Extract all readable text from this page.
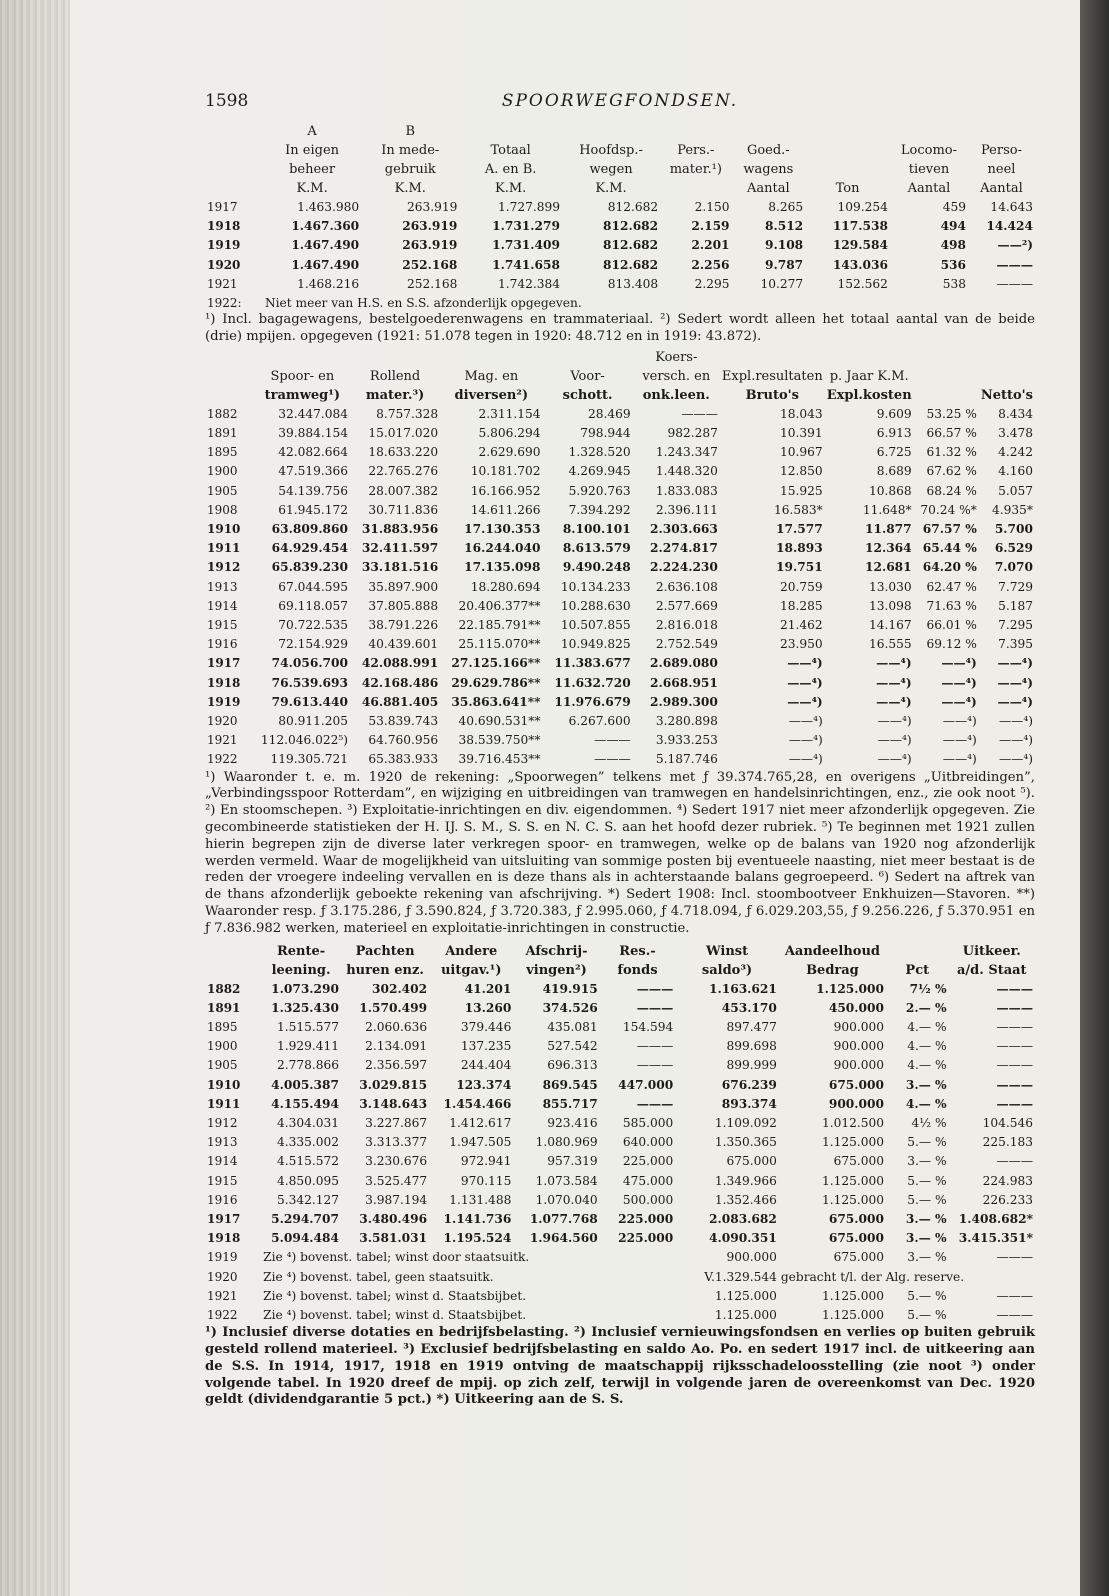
1598	SPOORWEGFONDSEN.
	A	B							
	In eigen	In mede-	Totaal	Hoofdsp.-	Pers.-	Goed.-		Locomo-	Perso-
	beheer	gebruik	A. en B.	wegen	mater.¹)	wagens		tieven	neel
	K.M.	K.M.	K.M.	K.M.		Aantal	Ton	Aantal	Aantal
1917	1.463.980	263.919	1.727.899	812.682	2.150	8.265	109.254	459	14.643
1918	1.467.360	263.919	1.731.279	812.682	2.159	8.512	117.538	494	14.424
1919	1.467.490	263.919	1.731.409	812.682	2.201	9.108	129.584	498	——²)
1920	1.467.490	252.168	1.741.658	812.682	2.256	9.787	143.036	536	———
1921	1.468.216	252.168	1.742.384	813.408	2.295	10.277	152.562	538	———
1922:	Niet meer van H.S. en S.S. afzonderlijk opgegeven.								

¹) Incl. bagagewagens, bestelgoederenwagens en trammateriaal. ²) Sedert wordt alleen het totaal aantal van de beide (drie) mpijen. opgegeven (1921: 51.078 tegen in 1920: 48.712 en in 1919: 43.872).

					Koers-				
	Spoor- en	Rollend	Mag. en	Voor-	versch. en	Expl.resultaten	p. Jaar K.M.		
	tramweg¹)	mater.³)	diversen²)	schott.	onk.leen.	Bruto's	Expl.kosten		Netto's
1882	32.447.084	8.757.328	2.311.154	28.469	———	18.043	9.609	53.25 %	8.434
1891	39.884.154	15.017.020	5.806.294	798.944	982.287	10.391	6.913	66.57 %	3.478
1895	42.082.664	18.633.220	2.629.690	1.328.520	1.243.347	10.967	6.725	61.32 %	4.242
1900	47.519.366	22.765.276	10.181.702	4.269.945	1.448.320	12.850	8.689	67.62 %	4.160
1905	54.139.756	28.007.382	16.166.952	5.920.763	1.833.083	15.925	10.868	68.24 %	5.057
1908	61.945.172	30.711.836	14.611.266	7.394.292	2.396.111	16.583*	11.648*	70.24 %*	4.935*
1910	63.809.860	31.883.956	17.130.353	8.100.101	2.303.663	17.577	11.877	67.57 %	5.700
1911	64.929.454	32.411.597	16.244.040	8.613.579	2.274.817	18.893	12.364	65.44 %	6.529
1912	65.839.230	33.181.516	17.135.098	9.490.248	2.224.230	19.751	12.681	64.20 %	7.070
1913	67.044.595	35.897.900	18.280.694	10.134.233	2.636.108	20.759	13.030	62.47 %	7.729
1914	69.118.057	37.805.888	20.406.377**	10.288.630	2.577.669	18.285	13.098	71.63 %	5.187
1915	70.722.535	38.791.226	22.185.791**	10.507.855	2.816.018	21.462	14.167	66.01 %	7.295
1916	72.154.929	40.439.601	25.115.070**	10.949.825	2.752.549	23.950	16.555	69.12 %	7.395
1917	74.056.700	42.088.991	27.125.166**	11.383.677	2.689.080	——⁴)	——⁴)	——⁴)	——⁴)
1918	76.539.693	42.168.486	29.629.786**	11.632.720	2.668.951	——⁴)	——⁴)	——⁴)	——⁴)
1919	79.613.440	46.881.405	35.863.641**	11.976.679	2.989.300	——⁴)	——⁴)	——⁴)	——⁴)
1920	80.911.205	53.839.743	40.690.531**	6.267.600	3.280.898	——⁴)	——⁴)	——⁴)	——⁴)
1921	112.046.022⁵)	64.760.956	38.539.750**	———	3.933.253	——⁴)	——⁴)	——⁴)	——⁴)
1922	119.305.721	65.383.933	39.716.453**	———	5.187.746	——⁴)	——⁴)	——⁴)	——⁴)

¹) Waaronder t. e. m. 1920 de rekening: „Spoorwegen” telkens met ƒ 39.374.765,28, en overigens „Uitbreidingen”, „Verbindingsspoor Rotterdam”, en wijziging en uitbreidingen van tramwegen en handelsinrichtingen, enz., zie ook noot ⁵). ²) En stoomschepen. ³) Exploitatie-inrichtingen en div. eigendommen. ⁴) Sedert 1917 niet meer afzonderlijk opgegeven. Zie gecombineerde statistieken der H. IJ. S. M., S. S. en N. C. S. aan het hoofd dezer rubriek. ⁵) Te beginnen met 1921 zullen hierin begrepen zijn de diverse later verkregen spoor- en tramwegen, welke op de balans van 1920 nog afzonderlijk werden vermeld. Waar de mogelijkheid van uitsluiting van sommige posten bij eventueele naasting, niet meer bestaat is de reden der vroegere indeeling vervallen en is deze thans als in achterstaande balans gegroepeerd. ⁶) Sedert na aftrek van de thans afzonderlijk geboekte rekening van afschrijving. *) Sedert 1908: Incl. stoombootveer Enkhuizen—Stavoren. **) Waaronder resp. ƒ 3.175.286, ƒ 3.590.824, ƒ 3.720.383, ƒ 2.995.060, ƒ 4.718.094, ƒ 6.029.203,55, ƒ 9.256.226, ƒ 5.370.951 en ƒ 7.836.982 werken, materieel en exploitatie-inrichtingen in constructie.

	Rente-	Pachten	Andere	Afschrij-	Res.-	Winst	Aandeelhoud		Uitkeer.
	leening.	huren enz.	uitgav.¹)	vingen²)	fonds	saldo³)	Bedrag	Pct	a/d. Staat
1882	1.073.290	302.402	41.201	419.915	———	1.163.621	1.125.000	7½ %	———
1891	1.325.430	1.570.499	13.260	374.526	———	453.170	450.000	2.— %	———
1895	1.515.577	2.060.636	379.446	435.081	154.594	897.477	900.000	4.— %	———
1900	1.929.411	2.134.091	137.235	527.542	———	899.698	900.000	4.— %	———
1905	2.778.866	2.356.597	244.404	696.313	———	899.999	900.000	4.— %	———
1910	4.005.387	3.029.815	123.374	869.545	447.000	676.239	675.000	3.— %	———
1911	4.155.494	3.148.643	1.454.466	855.717	———	893.374	900.000	4.— %	———
1912	4.304.031	3.227.867	1.412.617	923.416	585.000	1.109.092	1.012.500	4½ %	104.546
1913	4.335.002	3.313.377	1.947.505	1.080.969	640.000	1.350.365	1.125.000	5.— %	225.183
1914	4.515.572	3.230.676	972.941	957.319	225.000	675.000	675.000	3.— %	———
1915	4.850.095	3.525.477	970.115	1.073.584	475.000	1.349.966	1.125.000	5.— %	224.983
1916	5.342.127	3.987.194	1.131.488	1.070.040	500.000	1.352.466	1.125.000	5.— %	226.233
1917	5.294.707	3.480.496	1.141.736	1.077.768	225.000	2.083.682	675.000	3.— %	1.408.682*
1918	5.094.484	3.581.031	1.195.524	1.964.560	225.000	4.090.351	675.000	3.— %	3.415.351*
1919	Zie ⁴) bovenst. tabel; winst door staatsuitk.					900.000	675.000	3.— %	———
1920	Zie ⁴) bovenst. tabel, geen staatsuitk.					V.1.329.544	gebracht t/l. der Alg. reserve.		
1921	Zie ⁴) bovenst. tabel; winst d. Staatsbijbet.					1.125.000	1.125.000	5.— %	———
1922	Zie ⁴) bovenst. tabel; winst d. Staatsbijbet.					1.125.000	1.125.000	5.— %	———

¹) Inclusief diverse dotaties en bedrijfsbelasting. ²) Inclusief vernieuwingsfondsen en verlies op buiten gebruik gesteld rollend materieel. ³) Exclusief bedrijfsbelasting en saldo Ao. Po. en sedert 1917 incl. de uitkeering aan de S.S. In 1914, 1917, 1918 en 1919 ontving de maatschappij rijksschadeloosstelling (zie noot ³) onder volgende tabel. In 1920 dreef de mpij. op zich zelf, terwijl in volgende jaren de overeenkomst van Dec. 1920 geldt (dividendgarantie 5 pct.) *) Uitkeering aan de S. S.
